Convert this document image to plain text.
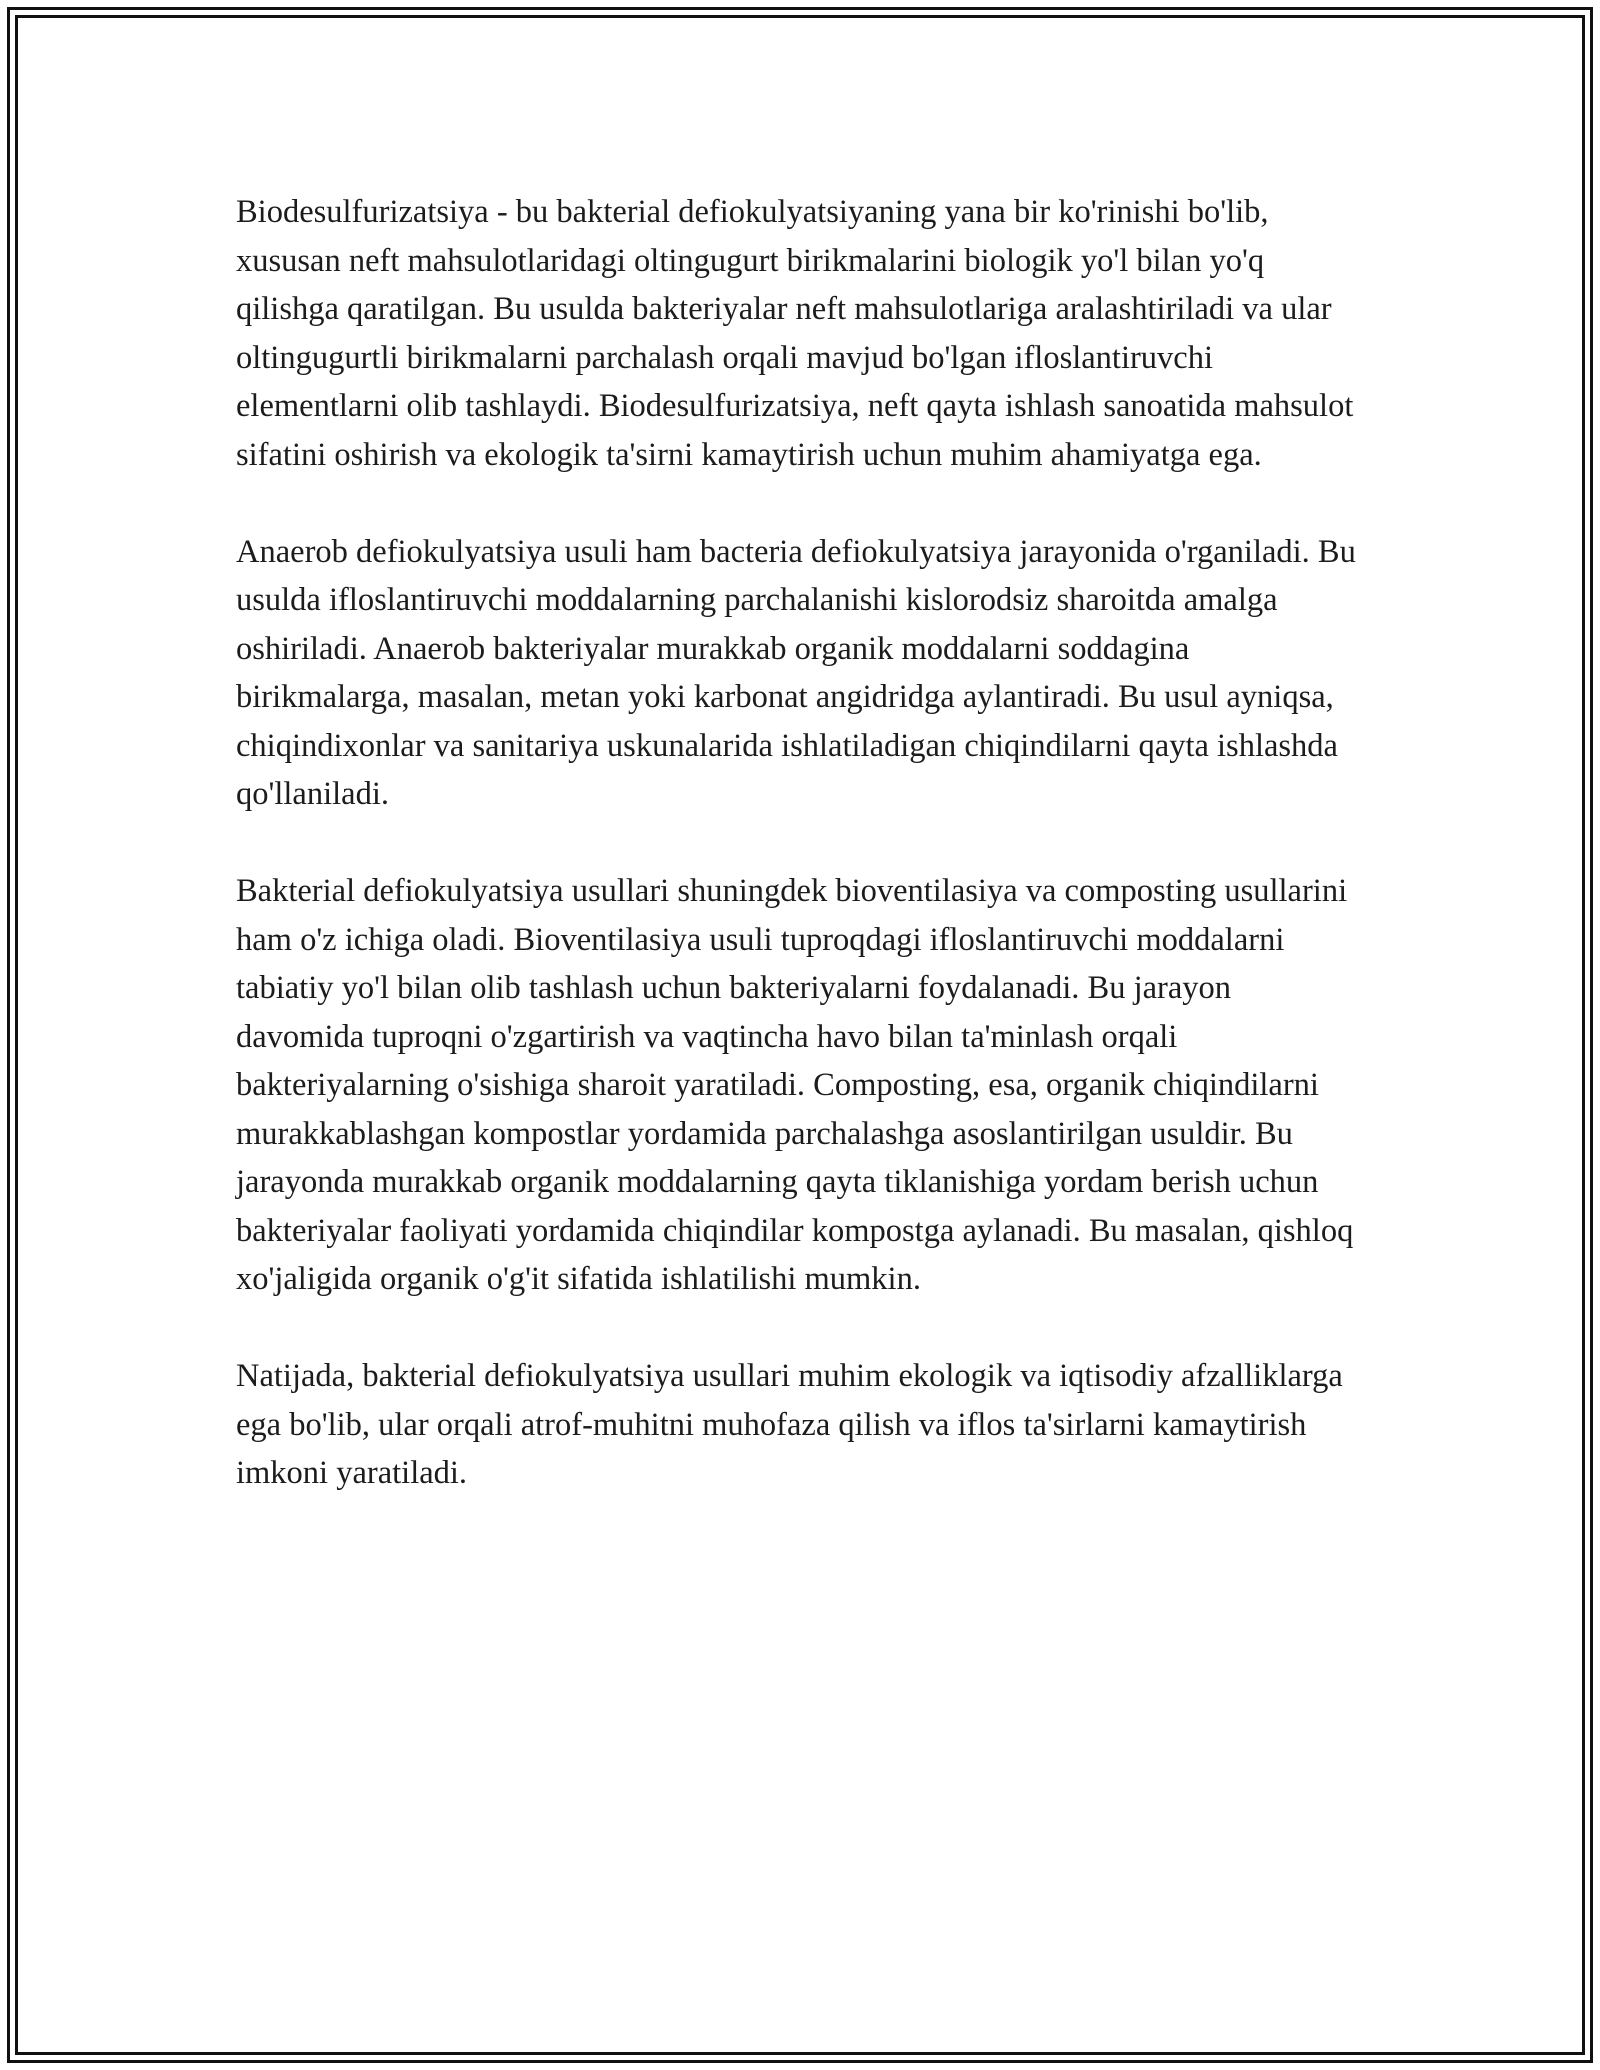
Biodesulfurizatsiya - bu bakterial defiokulyatsiyaning yana bir ko'rinishi bo'lib, xususan neft mahsulotlaridagi oltingugurt birikmalarini biologik yo'l bilan yo'q qilishga qaratilgan. Bu usulda bakteriyalar neft mahsulotlariga aralashtiriladi va ular oltingugurtli birikmalarni parchalash orqali mavjud bo'lgan ifloslantiruvchi elementlarni olib tashlaydi. Biodesulfurizatsiya, neft qayta ishlash sanoatida mahsulot sifatini oshirish va ekologik ta'sirni kamaytirish uchun muhim ahamiyatga ega.

Anaerob defiokulyatsiya usuli ham bacteria defiokulyatsiya jarayonida o'rganiladi. Bu usulda ifloslantiruvchi moddalarning parchalanishi kislorodsiz sharoitda amalga oshiriladi. Anaerob bakteriyalar murakkab organik moddalarni soddagina birikmalarga, masalan, metan yoki karbonat angidridga aylantiradi. Bu usul ayniqsa, chiqindixonlar va sanitariya uskunalarida ishlatiladigan chiqindilarni qayta ishlashda qo'llaniladi.

Bakterial defiokulyatsiya usullari shuningdek bioventilasiya va composting usullarini ham o'z ichiga oladi. Bioventilasiya usuli tuproqdagi ifloslantiruvchi moddalarni tabiatiy yo'l bilan olib tashlash uchun bakteriyalarni foydalanadi. Bu jarayon davomida tuproqni o'zgartirish va vaqtincha havo bilan ta'minlash orqali bakteriyalarning o'sishiga sharoit yaratiladi. Composting, esa, organik chiqindilarni murakkablashgan kompostlar yordamida parchalashga asoslantirilgan usuldir. Bu jarayonda murakkab organik moddalarning qayta tiklanishiga yordam berish uchun bakteriyalar faoliyati yordamida chiqindilar kompostga aylanadi. Bu masalan, qishloq xo'jaligida organik o'g'it sifatida ishlatilishi mumkin.

Natijada, bakterial defiokulyatsiya usullari muhim ekologik va iqtisodiy afzalliklarga ega bo'lib, ular orqali atrof-muhitni muhofaza qilish va iflos ta'sirlarni kamaytirish imkoni yaratiladi.
